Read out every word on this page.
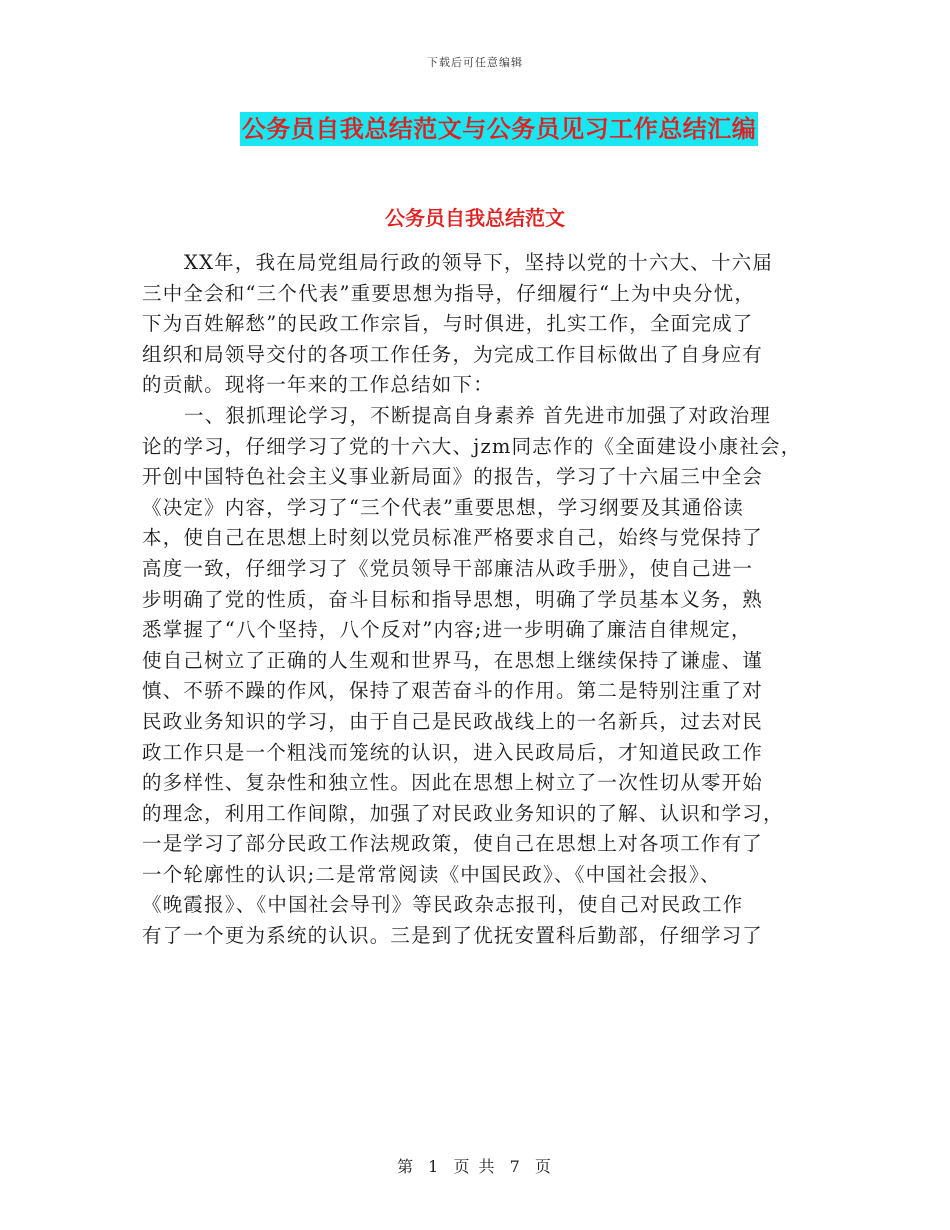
下载后可任意编辑
公务员自我总结范文与公务员见习工作总结汇编
公务员自我总结范文
XX年，我在局党组局行政的领导下，坚持以党的十六大、十六届
三中全会和“三个代表”重要思想为指导，仔细履行“上为中央分忧，
下为百姓解愁”的民政工作宗旨，与时俱进，扎实工作，全面完成了
组织和局领导交付的各项工作任务，为完成工作目标做出了自身应有
的贡献。现将一年来的工作总结如下：
一、狠抓理论学习，不断提高自身素养 首先进市加强了对政治理
论的学习，仔细学习了党的十六大、jzm同志作的《全面建设小康社会，
开创中国特色社会主义事业新局面》的报告，学习了十六届三中全会
《决定》内容，学习了“三个代表”重要思想，学习纲要及其通俗读
本，使自己在思想上时刻以党员标准严格要求自己，始终与党保持了
高度一致，仔细学习了《党员领导干部廉洁从政手册》，使自己进一
步明确了党的性质，奋斗目标和指导思想，明确了学员基本义务，熟
悉掌握了“八个坚持，八个反对”内容;进一步明确了廉洁自律规定，
使自己树立了正确的人生观和世界马，在思想上继续保持了谦虚、谨
慎、不骄不躁的作风，保持了艰苦奋斗的作用。第二是特别注重了对
民政业务知识的学习，由于自己是民政战线上的一名新兵，过去对民
政工作只是一个粗浅而笼统的认识，进入民政局后，才知道民政工作
的多样性、复杂性和独立性。因此在思想上树立了一次性切从零开始
的理念，利用工作间隙，加强了对民政业务知识的了解、认识和学习，
一是学习了部分民政工作法规政策，使自己在思想上对各项工作有了
一个轮廓性的认识;二是常常阅读《中国民政》、《中国社会报》、
《晚霞报》、《中国社会导刊》等民政杂志报刊，使自己对民政工作
有了一个更为系统的认识。三是到了优抚安置科后勤部，仔细学习了
第 1 页 共 7 页
